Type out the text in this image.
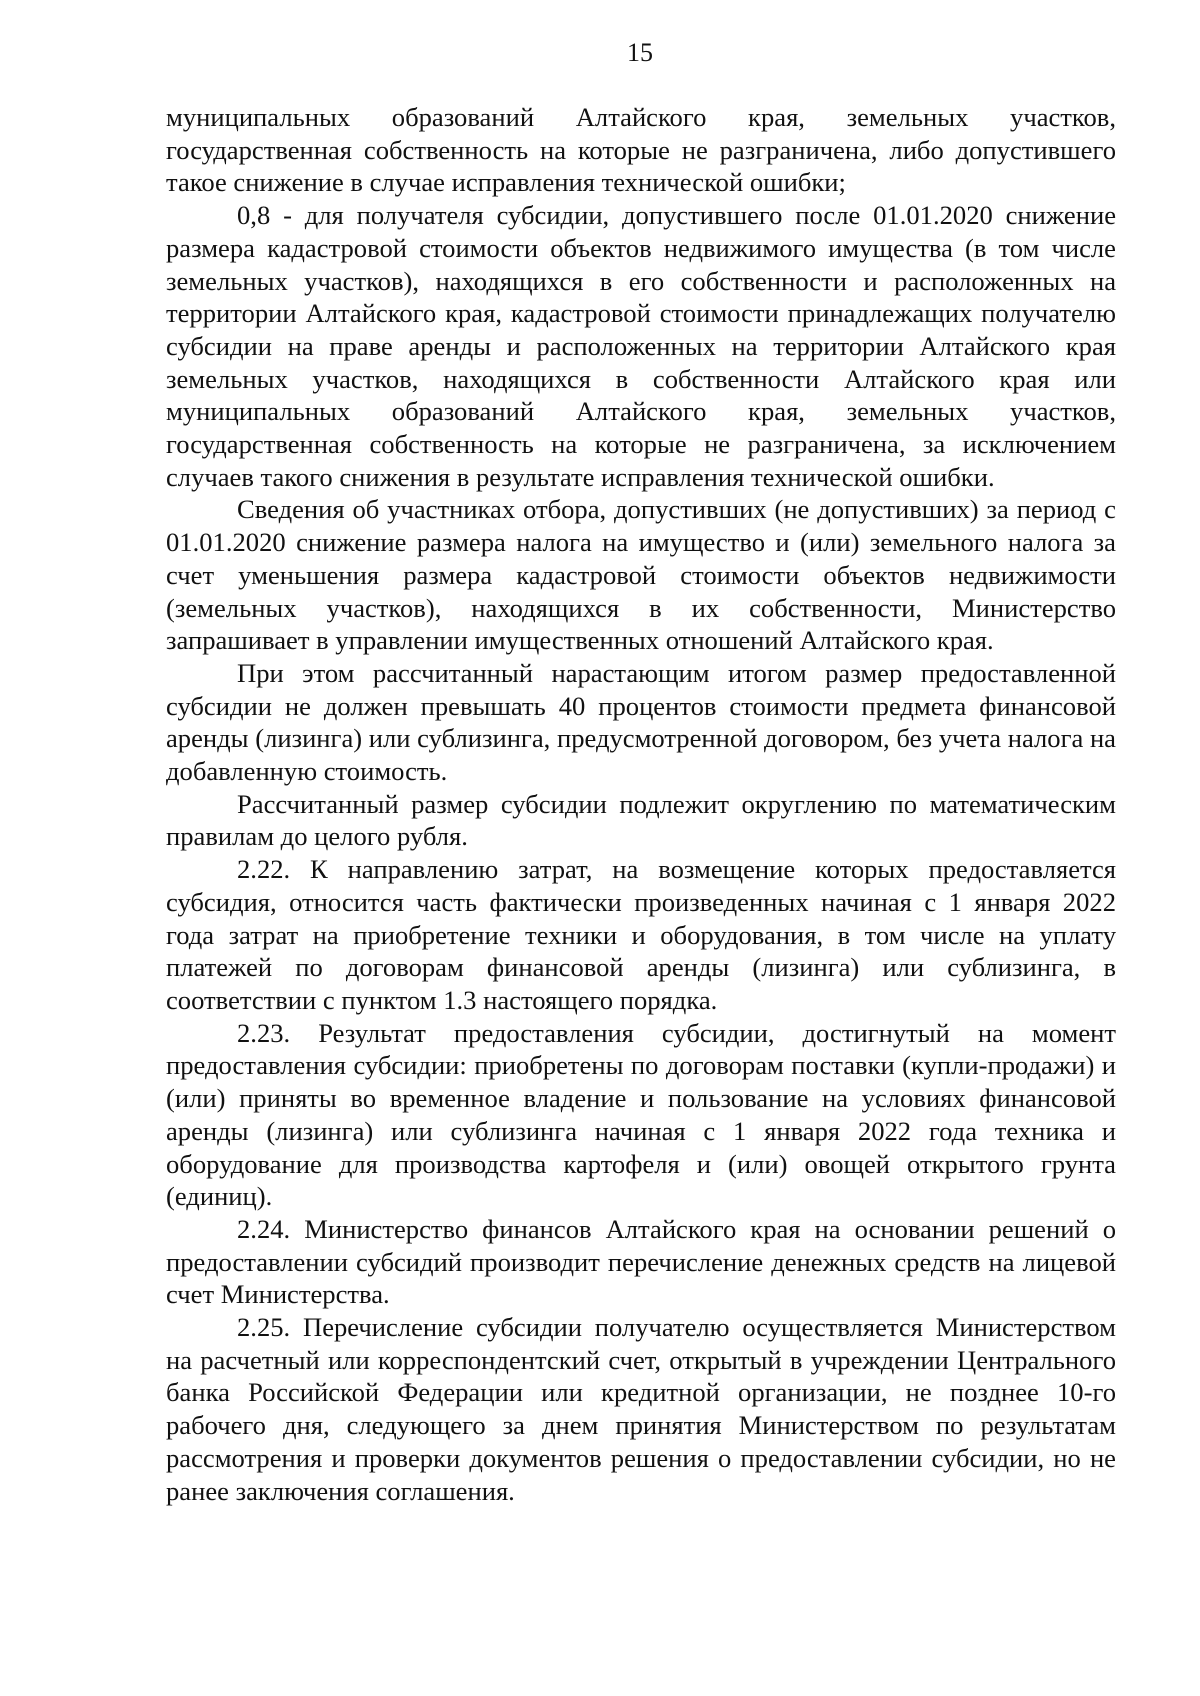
15

муниципальных образований Алтайского края, земельных участков, государственная собственность на которые не разграничена, либо допустившего такое снижение в случае исправления технической ошибки;

0,8 - для получателя субсидии, допустившего после 01.01.2020 снижение размера кадастровой стоимости объектов недвижимого имущества (в том числе земельных участков), находящихся в его собственности и расположенных на территории Алтайского края, кадастровой стоимости принадлежащих получателю субсидии на праве аренды и расположенных на территории Алтайского края земельных участков, находящихся в собственности Алтайского края или муниципальных образований Алтайского края, земельных участков, государственная собственность на которые не разграничена, за исключением случаев такого снижения в результате исправления технической ошибки.

Сведения об участниках отбора, допустивших (не допустивших) за период с 01.01.2020 снижение размера налога на имущество и (или) земельного налога за счет уменьшения размера кадастровой стоимости объектов недвижимости (земельных участков), находящихся в их собственности, Министерство запрашивает в управлении имущественных отношений Алтайского края.

При этом рассчитанный нарастающим итогом размер предоставленной субсидии не должен превышать 40 процентов стоимости предмета финансовой аренды (лизинга) или сублизинга, предусмотренной договором, без учета налога на добавленную стоимость.

Рассчитанный размер субсидии подлежит округлению по математическим правилам до целого рубля.

2.22. К направлению затрат, на возмещение которых предоставляется субсидия, относится часть фактически произведенных начиная с 1 января 2022 года затрат на приобретение техники и оборудования, в том числе на уплату платежей по договорам финансовой аренды (лизинга) или сублизинга, в соответствии с пунктом 1.3 настоящего порядка.

2.23. Результат предоставления субсидии, достигнутый на момент предоставления субсидии: приобретены по договорам поставки (купли-продажи) и (или) приняты во временное владение и пользование на условиях финансовой аренды (лизинга) или сублизинга начиная с 1 января 2022 года техника и оборудование для производства картофеля и (или) овощей открытого грунта (единиц).

2.24. Министерство финансов Алтайского края на основании решений о предоставлении субсидий производит перечисление денежных средств на лицевой счет Министерства.

2.25. Перечисление субсидии получателю осуществляется Министерством на расчетный или корреспондентский счет, открытый в учреждении Центрального банка Российской Федерации или кредитной организации, не позднее 10-го рабочего дня, следующего за днем принятия Министерством по результатам рассмотрения и проверки документов решения о предоставлении субсидии, но не ранее заключения соглашения.
